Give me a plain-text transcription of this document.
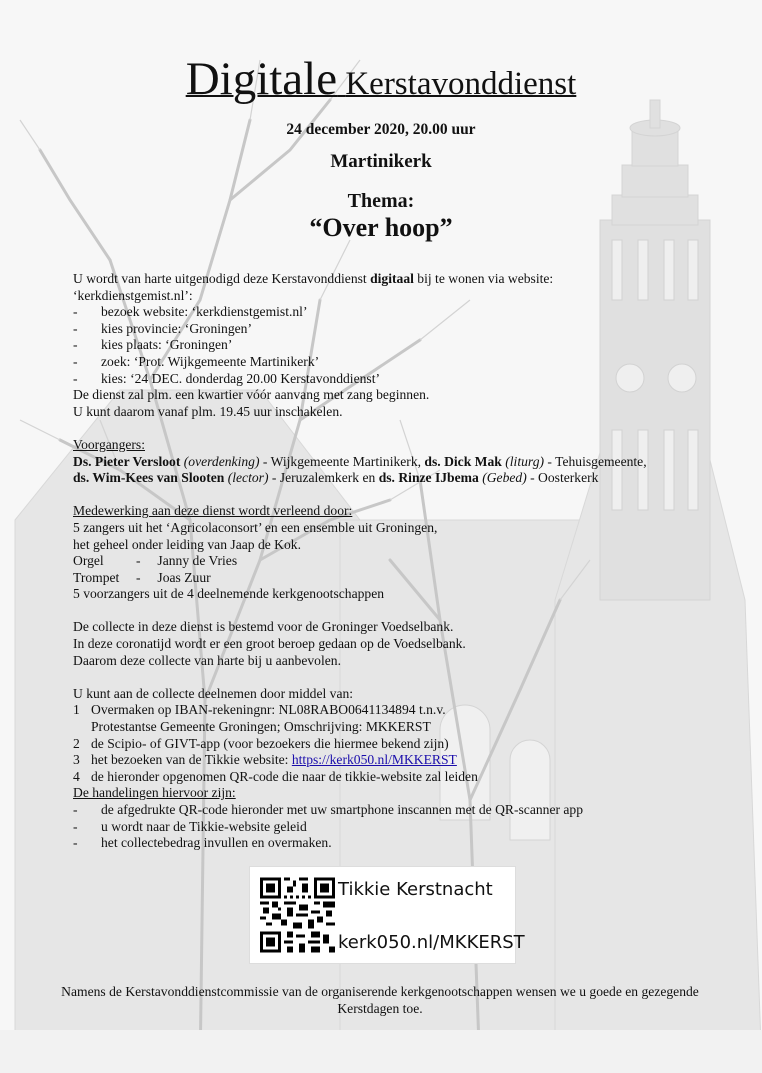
Digitale Kerstavonddienst
24 december 2020, 20.00 uur
Martinikerk
Thema:
“Over hoop”
U wordt van harte uitgenodigd deze Kerstavonddienst digitaal bij te wonen via website:
‘kerkdienstgemist.nl’:
- bezoek website: ‘kerkdienstgemist.nl’
- kies provincie: ‘Groningen’
- kies plaats: ‘Groningen’
- zoek: ‘Prot. Wijkgemeente Martinikerk’
- kies: ‘24 DEC. donderdag 20.00 Kerstavonddienst’
De dienst zal plm. een kwartier vóór aanvang met zang beginnen.
U kunt daarom vanaf plm. 19.45 uur inschakelen.
Voorgangers:
Ds. Pieter Versloot (overdenking) - Wijkgemeente Martinikerk, ds. Dick Mak (liturg) - Tehuisgemeente,
ds. Wim-Kees van Slooten (lector) - Jeruzalemkerk en ds. Rinze IJbema (Gebed) - Oosterkerk
Medewerking aan deze dienst wordt verleend door:
5 zangers uit het ‘Agricolaconsort’ en een ensemble uit Groningen,
het geheel onder leiding van Jaap de Kok.
Orgel - Janny de Vries
Trompet - Joas Zuur
5 voorzangers uit de 4 deelnemende kerkgenootschappen
De collecte in deze dienst is bestemd voor de Groninger Voedselbank.
In deze coronatijd wordt er een groot beroep gedaan op de Voedselbank.
Daarom deze collecte van harte bij u aanbevolen.
U kunt aan de collecte deelnemen door middel van:
1 Overmaken op IBAN-rekeningnr: NL08RABO0641134894 t.n.v.
Protestantse Gemeente Groningen; Omschrijving: MKKERST
2 de Scipio- of GIVT-app (voor bezoekers die hiermee bekend zijn)
3 het bezoeken van de Tikkie website: https://kerk050.nl/MKKERST
4 de hieronder opgenomen QR-code die naar de tikkie-website zal leiden
De handelingen hiervoor zijn:
- de afgedrukte QR-code hieronder met uw smartphone inscannen met de QR-scanner app
- u wordt naar de Tikkie-website geleid
- het collectebedrag invullen en overmaken.
Tikkie Kerstnacht
kerk050.nl/MKKERST
Namens de Kerstavonddienstcommissie van de organiserende kerkgenootschappen wensen we u goede en gezegende Kerstdagen toe.
